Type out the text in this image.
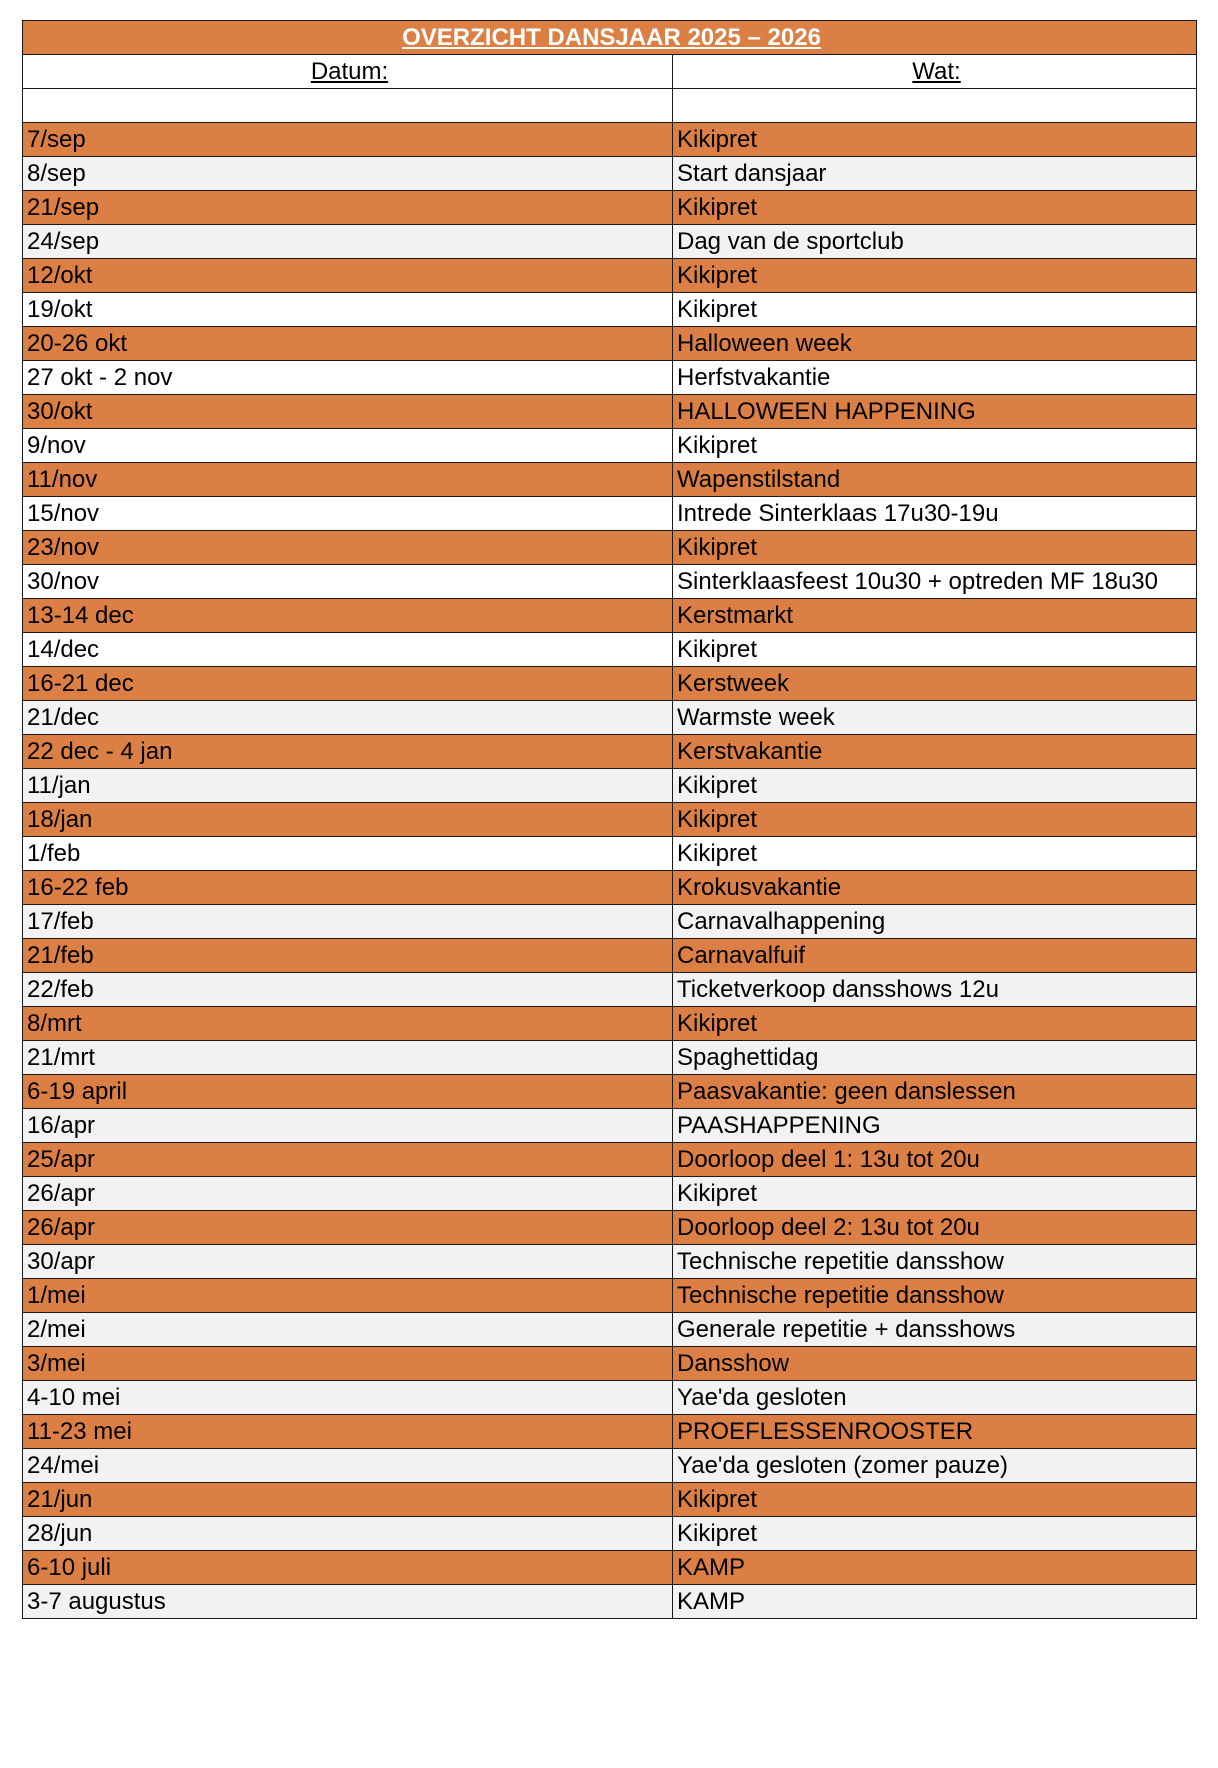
OVERZICHT DANSJAAR 2025 – 2026	
Datum:	Wat:

7/sep	Kikipret
8/sep	Start dansjaar
21/sep	Kikipret
24/sep	Dag van de sportclub
12/okt	Kikipret
19/okt	Kikipret
20-26 okt	Halloween week
27 okt - 2 nov	Herfstvakantie
30/okt	HALLOWEEN HAPPENING
9/nov	Kikipret
11/nov	Wapenstilstand
15/nov	Intrede Sinterklaas 17u30-19u
23/nov	Kikipret
30/nov	Sinterklaasfeest 10u30 + optreden MF 18u30
13-14 dec	Kerstmarkt
14/dec	Kikipret
16-21 dec	Kerstweek
21/dec	Warmste week
22 dec - 4 jan	Kerstvakantie
11/jan	Kikipret
18/jan	Kikipret
1/feb	Kikipret
16-22 feb	Krokusvakantie
17/feb	Carnavalhappening
21/feb	Carnavalfuif
22/feb	Ticketverkoop dansshows 12u
8/mrt	Kikipret
21/mrt	Spaghettidag
6-19 april	Paasvakantie: geen danslessen
16/apr	PAASHAPPENING
25/apr	Doorloop deel 1: 13u tot 20u
26/apr	Kikipret
26/apr	Doorloop deel 2: 13u tot 20u
30/apr	Technische repetitie dansshow
1/mei	Technische repetitie dansshow
2/mei	Generale repetitie + dansshows
3/mei	Dansshow
4-10 mei	Yae'da gesloten
11-23 mei	PROEFLESSENROOSTER
24/mei	Yae'da gesloten (zomer pauze)
21/jun	Kikipret
28/jun	Kikipret
6-10 juli	KAMP
3-7 augustus	KAMP
